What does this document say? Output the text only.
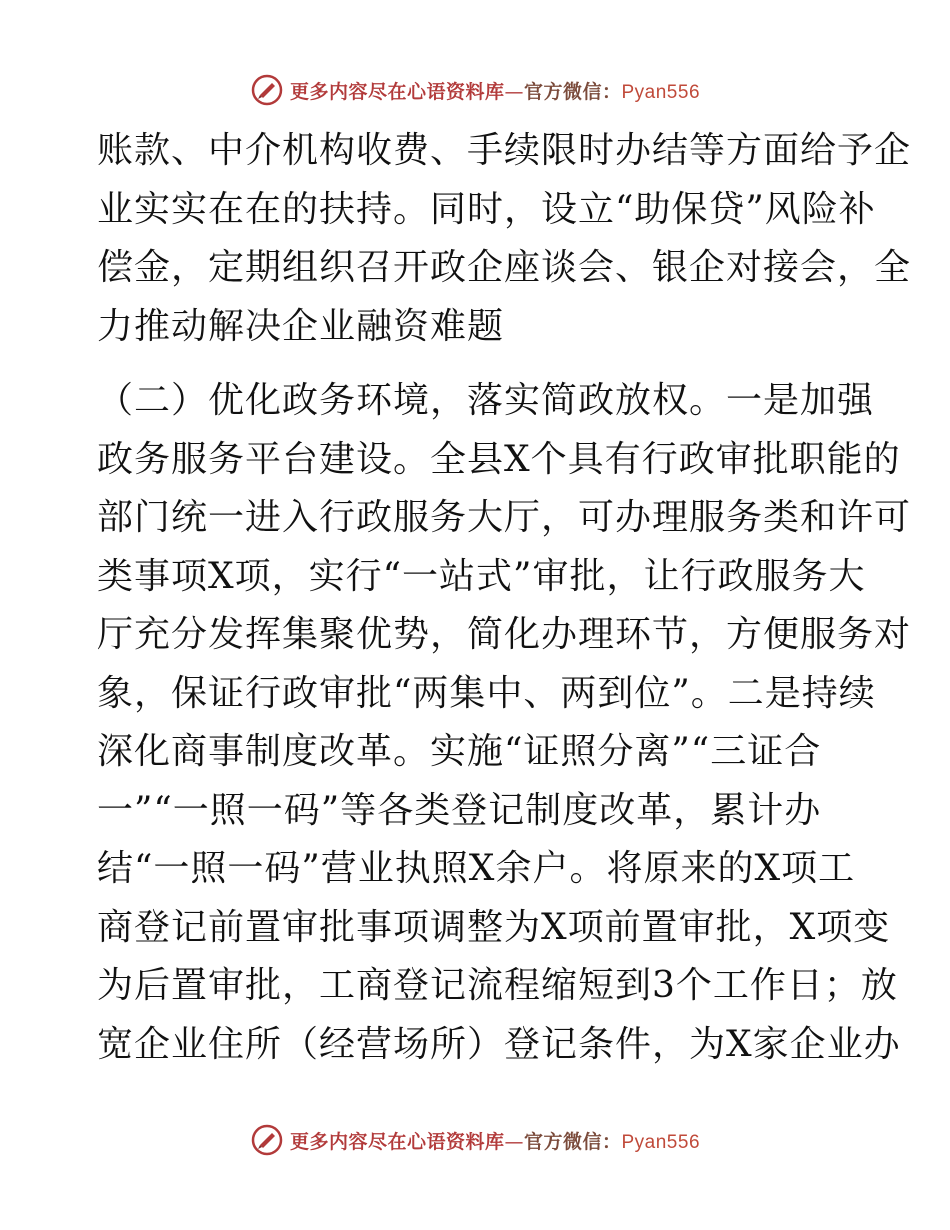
更多内容尽在心语资料库—官方微信：Pyan556
账款、中介机构收费、手续限时办结等方面给予企
业实实在在的扶持。同时，设立“助保贷”风险补
偿金，定期组织召开政企座谈会、银企对接会，全
力推动解决企业融资难题
（二）优化政务环境，落实简政放权。一是加强
政务服务平台建设。全县X个具有行政审批职能的
部门统一进入行政服务大厅，可办理服务类和许可
类事项X项，实行“一站式”审批，让行政服务大
厅充分发挥集聚优势，简化办理环节，方便服务对
象，保证行政审批“两集中、两到位”。二是持续
深化商事制度改革。实施“证照分离”“三证合
一”“一照一码”等各类登记制度改革，累计办
结“一照一码”营业执照X余户。将原来的X项工
商登记前置审批事项调整为X项前置审批，X项变
为后置审批，工商登记流程缩短到3个工作日；放
宽企业住所（经营场所）登记条件，为X家企业办
更多内容尽在心语资料库—官方微信：Pyan556
